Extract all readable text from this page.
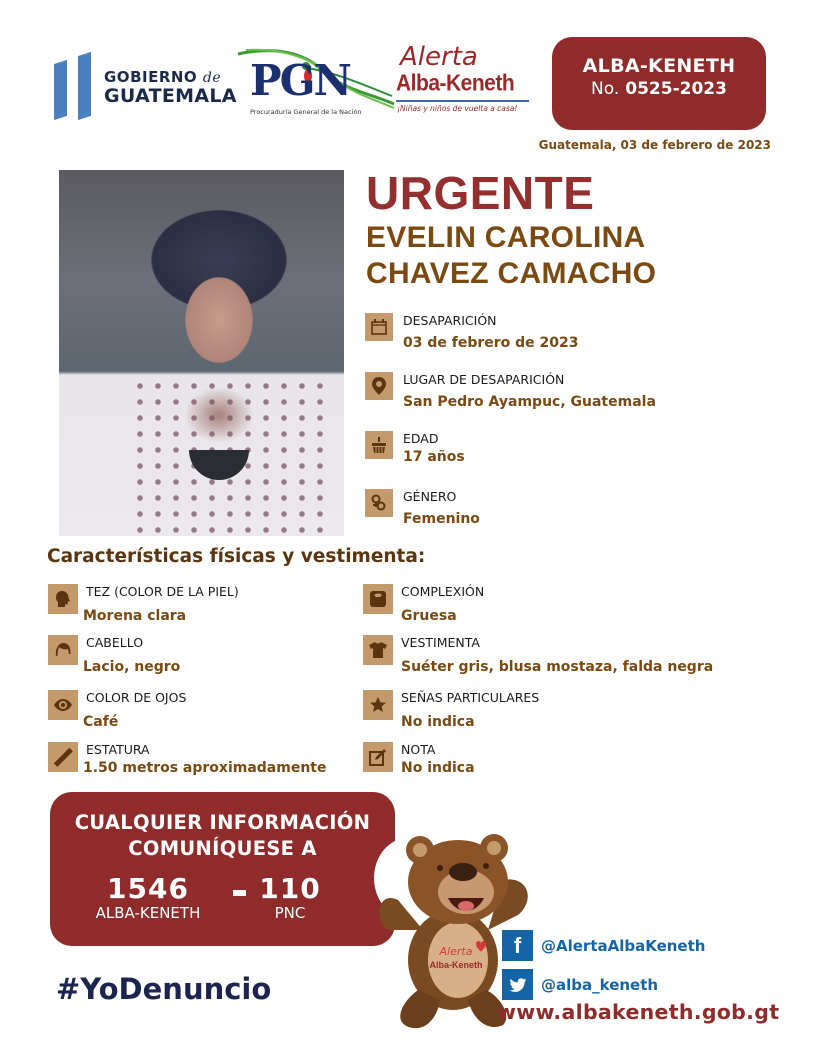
GOBIERNO de
GUATEMALA PGN
Procuraduría General de la Nación
Alerta
Alba-Keneth
¡Niñas y niños de vuelta a casa!
ALBA-KENETH
No. 0525-2023
Guatemala, 03 de febrero de 2023
URGENTE
EVELIN CAROLINA
CHAVEZ CAMACHO
DESAPARICIÓN
03 de febrero de 2023
LUGAR DE DESAPARICIÓN
San Pedro Ayampuc, Guatemala
EDAD
17 años
GÉNERO
Femenino
Características físicas y vestimenta:
TEZ (COLOR DE LA PIEL)
Morena clara
CABELLO
Lacio, negro
COLOR DE OJOS
Café
ESTATURA
1.50 metros aproximadamente
COMPLEXIÓN
Gruesa
VESTIMENTA
Suéter gris, blusa mostaza, falda negra
SEÑAS PARTICULARES
No indica
NOTA
No indica
CUALQUIER INFORMACIÓN
COMUNÍQUESE A
1546
ALBA-KENETH
110
PNC
#YoDenuncio
Alerta
Alba-Keneth
f	@AlertaAlbaKeneth
@alba_keneth
www.albakeneth.gob.gt
